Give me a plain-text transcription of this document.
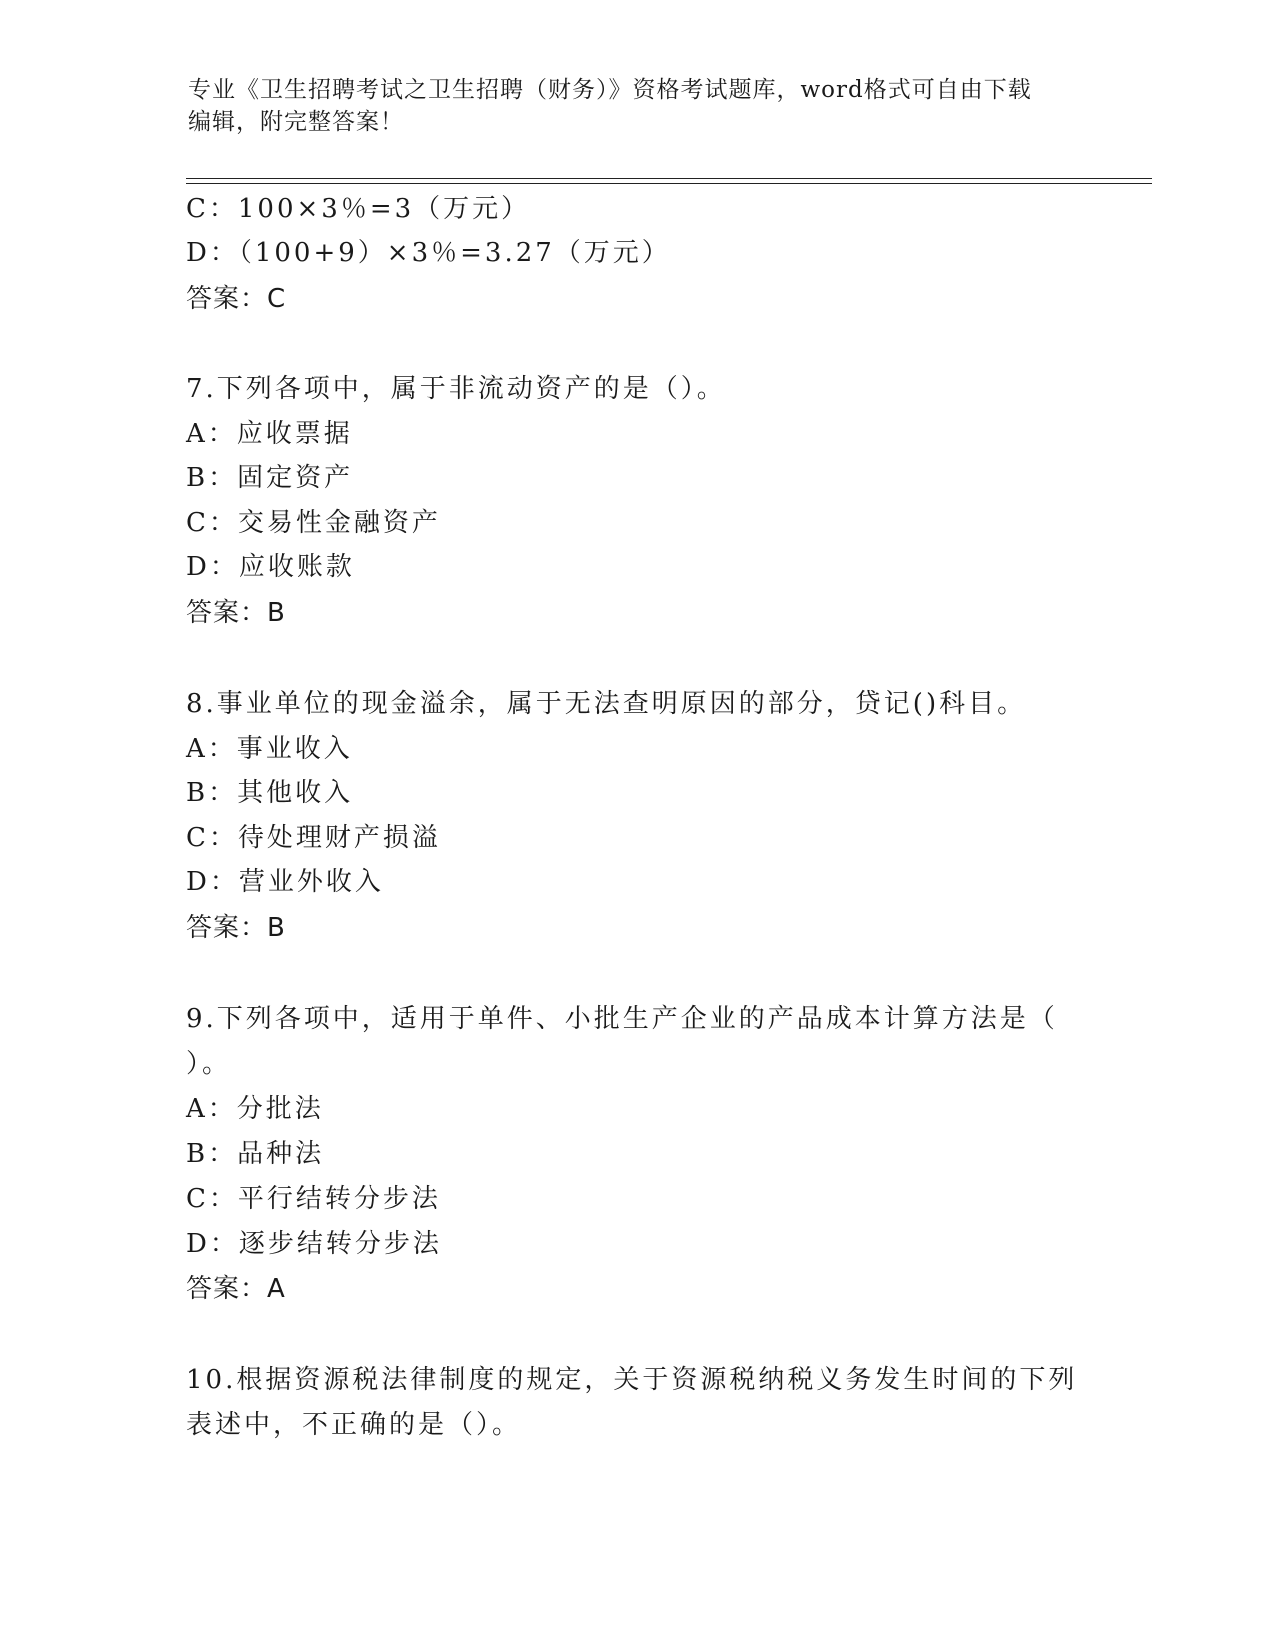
专业《卫生招聘考试之卫生招聘（财务）》资格考试题库，word格式可自由下载
编辑，附完整答案！
C：100×3％=3（万元）
D：（100+9）×3％=3.27（万元）
答案：C
7.下列各项中，属于非流动资产的是（）。
A：应收票据
B：固定资产
C：交易性金融资产
D：应收账款
答案：B
8.事业单位的现金溢余，属于无法查明原因的部分，贷记()科目。
A：事业收入
B：其他收入
C：待处理财产损溢
D：营业外收入
答案：B
9.下列各项中，适用于单件、小批生产企业的产品成本计算方法是（
）。
A：分批法
B：品种法
C：平行结转分步法
D：逐步结转分步法
答案：A
10.根据资源税法律制度的规定，关于资源税纳税义务发生时间的下列
表述中，不正确的是（）。
